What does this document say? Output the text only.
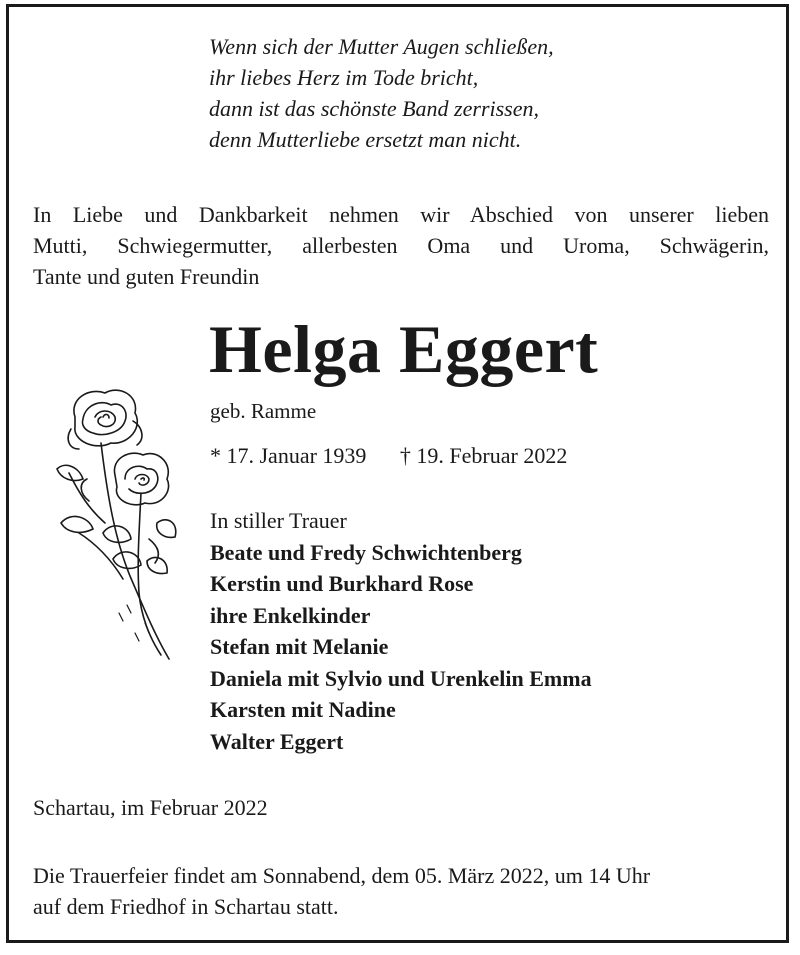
Wenn sich der Mutter Augen schließen,
ihr liebes Herz im Tode bricht,
dann ist das schönste Band zerrissen,
denn Mutterliebe ersetzt man nicht.
In Liebe und Dankbarkeit nehmen wir Abschied von unserer lieben
Mutti, Schwiegermutter, allerbesten Oma und Uroma, Schwägerin,
Tante und guten Freundin
Helga Eggert
geb. Ramme
* 17. Januar 1939 † 19. Februar 2022
In stiller Trauer
Beate und Fredy Schwichtenberg
Kerstin und Burkhard Rose
ihre Enkelkinder
Stefan mit Melanie
Daniela mit Sylvio und Urenkelin Emma
Karsten mit Nadine
Walter Eggert
Schartau, im Februar 2022
Die Trauerfeier findet am Sonnabend, dem 05. März 2022, um 14 Uhr
auf dem Friedhof in Schartau statt.
